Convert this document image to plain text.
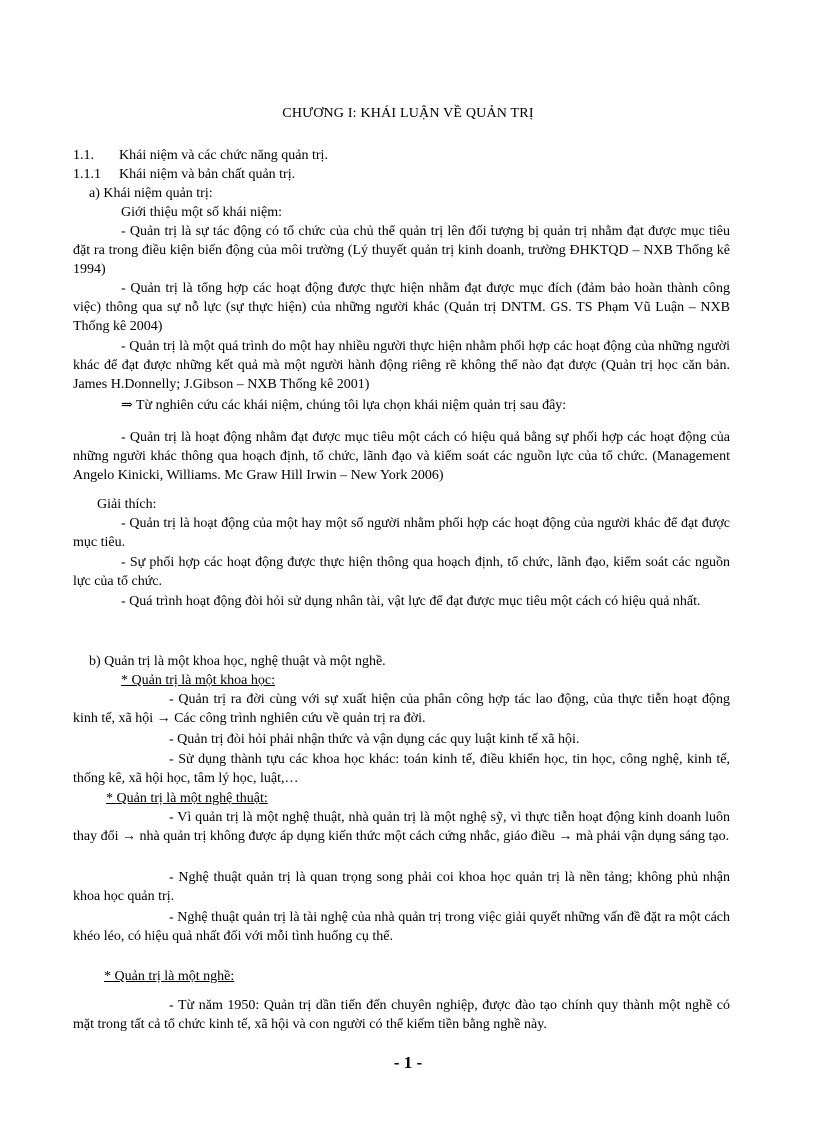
CHƯƠNG I: KHÁI LUẬN VỀ QUẢN TRỊ
1.1. Khái niệm và các chức năng quản trị.
1.1.1 Khái niệm và bản chất quản trị.
a) Khái niệm quản trị:
Giới thiệu một số khái niệm:
- Quản trị là sự tác động có tổ chức của chủ thể quản trị lên đối tượng bị quản trị nhằm đạt được mục tiêu đặt ra trong điều kiện biến động của môi trường (Lý thuyết quản trị kinh doanh, trường ĐHKTQD – NXB Thống kê 1994)
- Quản trị là tổng hợp các hoạt động được thực hiện nhằm đạt được mục đích (đảm bảo hoàn thành công việc) thông qua sự nỗ lực (sự thực hiện) của những người khác (Quản trị DNTM. GS. TS Phạm Vũ Luận – NXB Thống kê 2004)
- Quản trị là một quá trình do một hay nhiều người thực hiện nhằm phối hợp các hoạt động của những người khác để đạt được những kết quả mà một người hành động riêng rẽ không thể nào đạt được (Quản trị học căn bản. James H.Donnelly; J.Gibson – NXB Thống kê 2001)
⇒ Từ nghiên cứu các khái niệm, chúng tôi lựa chọn khái niệm quản trị sau đây:
- Quản trị là hoạt động nhằm đạt được mục tiêu một cách có hiệu quả bằng sự phối hợp các hoạt động của những người khác thông qua hoạch định, tổ chức, lãnh đạo và kiểm soát các nguồn lực của tổ chức. (Management Angelo Kinicki, Williams. Mc Graw Hill Irwin – New York 2006)
Giải thích:
- Quản trị là hoạt động của một hay một số người nhằm phối hợp các hoạt động của người khác để đạt được mục tiêu.
- Sự phối hợp các hoạt động được thực hiện thông qua hoạch định, tổ chức, lãnh đạo, kiểm soát các nguồn lực của tổ chức.
- Quá trình hoạt động đòi hỏi sử dụng nhân tài, vật lực để đạt được mục tiêu một cách có hiệu quả nhất.
b) Quản trị là một khoa học, nghệ thuật và một nghề.
* Quản trị là một khoa học:
- Quản trị ra đời cùng với sự xuất hiện của phân công hợp tác lao động, của thực tiễn hoạt động kinh tế, xã hội → Các công trình nghiên cứu về quản trị ra đời.
- Quản trị đòi hỏi phải nhận thức và vận dụng các quy luật kinh tế xã hội.
- Sử dụng thành tựu các khoa học khác: toán kinh tế, điều khiển học, tin học, công nghệ, kinh tế, thống kê, xã hội học, tâm lý học, luật,…
* Quản trị là một nghệ thuật:
- Vì quản trị là một nghệ thuật, nhà quản trị là một nghệ sỹ, vì thực tiễn hoạt động kinh doanh luôn thay đổi → nhà quản trị không được áp dụng kiến thức một cách cứng nhắc, giáo điều → mà phải vận dụng sáng tạo.
- Nghệ thuật quản trị là quan trọng song phải coi khoa học quản trị là nền tảng; không phủ nhận khoa học quản trị.
- Nghệ thuật quản trị là tài nghệ của nhà quản trị trong việc giải quyết những vấn đề đặt ra một cách khéo léo, có hiệu quả nhất đối với mỗi tình huống cụ thể.
* Quản trị là một nghề:
- Từ năm 1950: Quản trị dần tiến đến chuyên nghiệp, được đào tạo chính quy thành một nghề có mặt trong tất cả tổ chức kinh tế, xã hội và con người có thể kiếm tiền bằng nghề này.
- 1 -
